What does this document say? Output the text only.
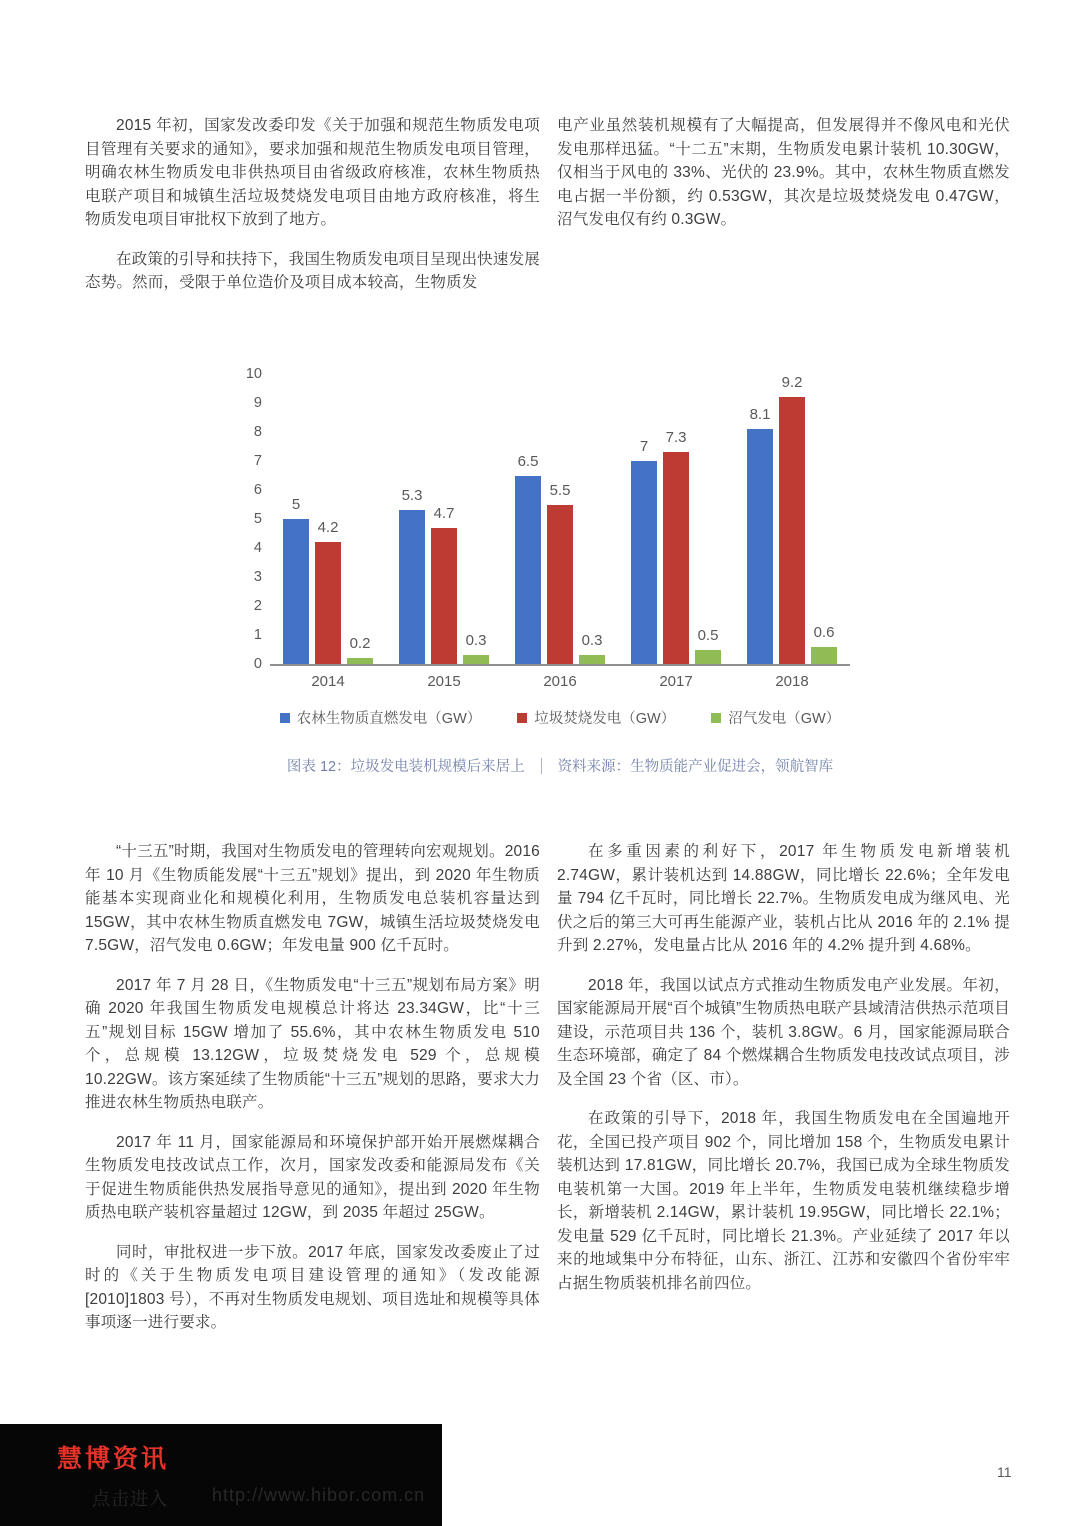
2015 年初，国家发改委印发《关于加强和规范生物质发电项目管理有关要求的通知》，要求加强和规范生物质发电项目管理，明确农林生物质发电非供热项目由省级政府核准，农林生物质热电联产项目和城镇生活垃圾焚烧发电项目由地方政府核准，将生物质发电项目审批权下放到了地方。

在政策的引导和扶持下，我国生物质发电项目呈现出快速发展态势。然而，受限于单位造价及项目成本较高，生物质发

电产业虽然装机规模有了大幅提高，但发展得并不像风电和光伏发电那样迅猛。“十二五”末期，生物质发电累计装机 10.30GW，仅相当于风电的 33%、光伏的 23.9%。其中，农林生物质直燃发电占据一半份额，约 0.53GW，其次是垃圾焚烧发电 0.47GW，沼气发电仅有约 0.3GW。

0
1
2
3
4
5
6
7
8
9
10
5
4.2
0.2
5.3
4.7
0.3
6.5
5.5
0.3
7
7.3
0.5
8.1
9.2
0.6
2014	2015	2016	2017	2018
农林生物质直燃发电（GW）	垃圾焚烧发电（GW）	沼气发电（GW）
图表 12：垃圾发电装机规模后来居上 资料来源：生物质能产业促进会，领航智库

“十三五”时期，我国对生物质发电的管理转向宏观规划。2016 年 10 月《生物质能发展“十三五”规划》提出，到 2020 年生物质能基本实现商业化和规模化利用，生物质发电总装机容量达到 15GW，其中农林生物质直燃发电 7GW，城镇生活垃圾焚烧发电 7.5GW，沼气发电 0.6GW；年发电量 900 亿千瓦时。

2017 年 7 月 28 日，《生物质发电“十三五”规划布局方案》明确 2020 年我国生物质发电规模总计将达 23.34GW，比“十三五”规划目标 15GW 增加了 55.6%，其中农林生物质发电 510 个，总规模 13.12GW，垃圾焚烧发电 529 个，总规模 10.22GW。该方案延续了生物质能“十三五”规划的思路，要求大力推进农林生物质热电联产。

2017 年 11 月，国家能源局和环境保护部开始开展燃煤耦合生物质发电技改试点工作，次月，国家发改委和能源局发布《关于促进生物质能供热发展指导意见的通知》，提出到 2020 年生物质热电联产装机容量超过 12GW，到 2035 年超过 25GW。

同时，审批权进一步下放。2017 年底，国家发改委废止了过时的《关于生物质发电项目建设管理的通知》（发改能源[2010]1803 号），不再对生物质发电规划、项目选址和规模等具体事项逐一进行要求。

在多重因素的利好下，2017 年生物质发电新增装机 2.74GW，累计装机达到 14.88GW，同比增长 22.6%；全年发电量 794 亿千瓦时，同比增长 22.7%。生物质发电成为继风电、光伏之后的第三大可再生能源产业，装机占比从 2016 年的 2.1% 提升到 2.27%，发电量占比从 2016 年的 4.2% 提升到 4.68%。

2018 年，我国以试点方式推动生物质发电产业发展。年初，国家能源局开展“百个城镇”生物质热电联产县域清洁供热示范项目建设，示范项目共 136 个，装机 3.8GW。6 月，国家能源局联合生态环境部，确定了 84 个燃煤耦合生物质发电技改试点项目，涉及全国 23 个省（区、市）。

在政策的引导下，2018 年，我国生物质发电在全国遍地开花，全国已投产项目 902 个，同比增加 158 个，生物质发电累计装机达到 17.81GW，同比增长 20.7%，我国已成为全球生物质发电装机第一大国。2019 年上半年，生物质发电装机继续稳步增长，新增装机 2.14GW，累计装机 19.95GW，同比增长 22.1%；发电量 529 亿千瓦时，同比增长 21.3%。产业延续了 2017 年以来的地域集中分布特征，山东、浙江、江苏和安徽四个省份牢牢占据生物质装机排名前四位。

慧博资讯
点击进入 http://www.hibor.com.cn
11
